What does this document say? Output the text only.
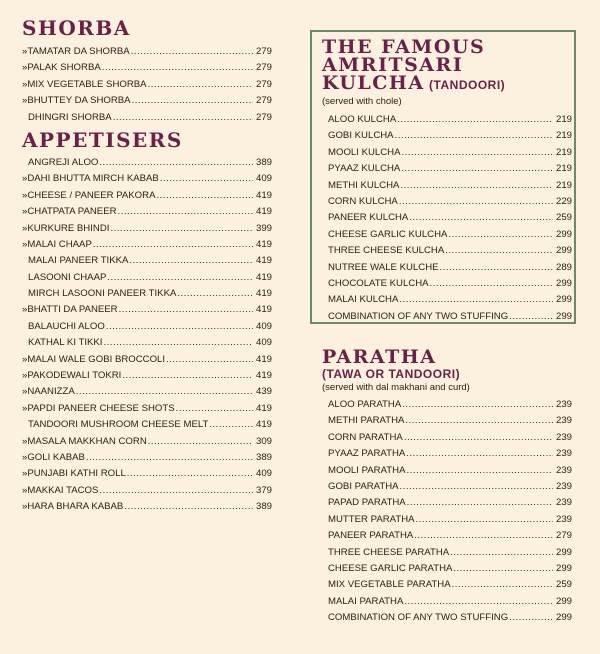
SHORBA
»TAMATAR DA SHORBA .....	279
»PALAK SHORBA .....	279
»MIX VEGETABLE SHORBA .....	279
»BHUTTEY DA SHORBA .....	279
DHINGRI SHORBA .....	279
APPETISERS
ANGREJI ALOO .....	389
»DAHI BHUTTA MIRCH KABAB .....	409
»CHEESE / PANEER PAKORA .....	419
»CHATPATA PANEER .....	419
»KURKURE BHINDI .....	399
»MALAI CHAAP .....	419
MALAI PANEER TIKKA .....	419
LASOONI CHAAP .....	419
MIRCH LASOONI PANEER TIKKA .....	419
»BHATTI DA PANEER .....	419
BALAUCHI ALOO .....	409
KATHAL KI TIKKI .....	409
»MALAI WALE GOBI BROCCOLI .....	419
»PAKODEWALI TOKRI .....	419
»NAANIZZA .....	439
»PAPDI PANEER CHEESE SHOTS .....	419
TANDOORI MUSHROOM CHEESE MELT .....	419
»MASALA MAKKHAN CORN .....	309
»GOLI KABAB .....	389
»PUNJABI KATHI ROLL .....	409
»MAKKAI TACOS .....	379
»HARA BHARA KABAB .....	389
THE FAMOUS
AMRITSARI
KULCHA (TANDOORI)
(served with chole)
ALOO KULCHA .....	219
GOBI KULCHA .....	219
MOOLI KULCHA .....	219
PYAAZ KULCHA .....	219
METHI KULCHA .....	219
CORN KULCHA .....	229
PANEER KULCHA .....	259
CHEESE GARLIC KULCHA .....	299
THREE CHEESE KULCHA .....	299
NUTREE WALE KULCHE .....	289
CHOCOLATE KULCHA .....	299
MALAI KULCHA .....	299
COMBINATION OF ANY TWO STUFFING .....	299
PARATHA
(TAWA OR TANDOORI)
(served with dal makhani and curd)
ALOO PARATHA .....	239
METHI PARATHA .....	239
CORN PARATHA .....	239
PYAAZ PARATHA .....	239
MOOLI PARATHA .....	239
GOBI PARATHA .....	239
PAPAD PARATHA .....	239
MUTTER PARATHA .....	239
PANEER PARATHA .....	279
THREE CHEESE PARATHA .....	299
CHEESE GARLIC PARATHA .....	299
MIX VEGETABLE PARATHA .....	259
MALAI PARATHA .....	299
COMBINATION OF ANY TWO STUFFING .....	299
